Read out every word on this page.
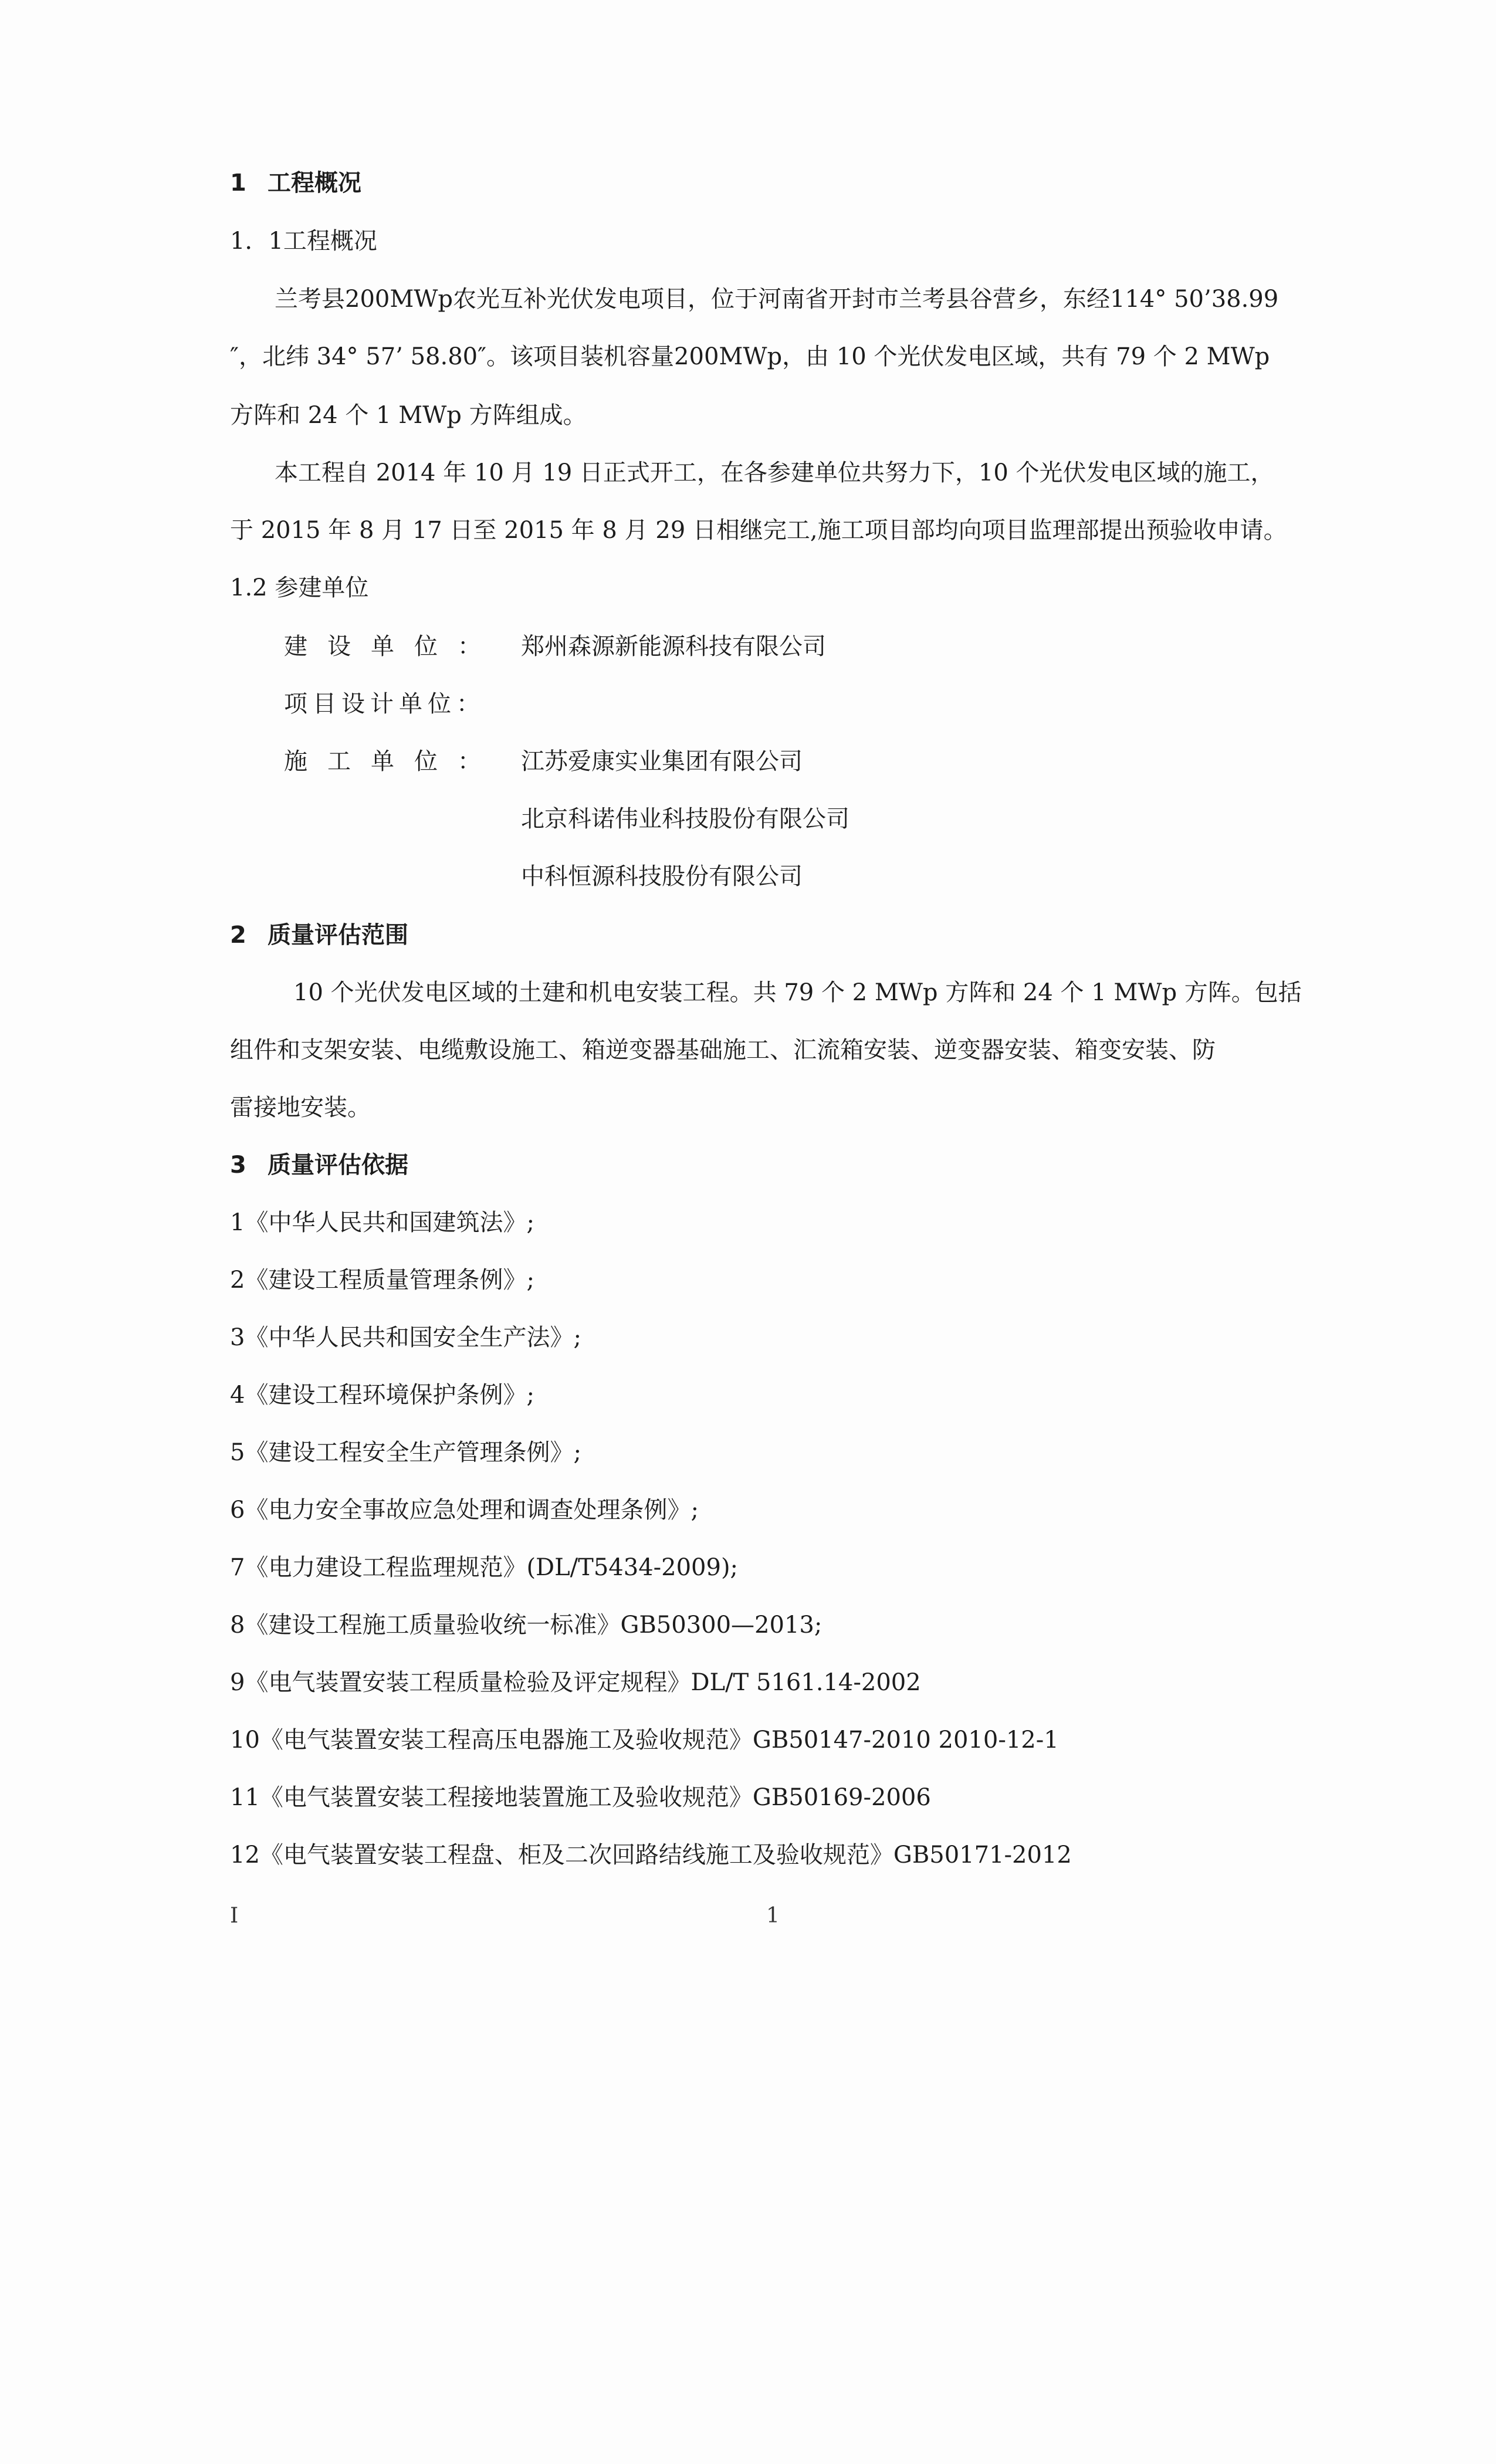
1 工程概况
1．1工程概况
兰考县200MWp农光互补光伏发电项目，位于河南省开封市兰考县谷营乡，东经114° 50’38.99
″，北纬 34° 57’ 58.80″。该项目装机容量200MWp，由 10 个光伏发电区域，共有 79 个 2 MWp
方阵和 24 个 1 MWp 方阵组成。
本工程自 2014 年 10 月 19 日正式开工，在各参建单位共努力下，10 个光伏发电区域的施工，
于 2015 年 8 月 17 日至 2015 年 8 月 29 日相继完工,施工项目部均向项目监理部提出预验收申请。
1.2 参建单位
建设单位： 郑州森源新能源科技有限公司
项目设计单位：
施工单位： 江苏爱康实业集团有限公司
北京科诺伟业科技股份有限公司
中科恒源科技股份有限公司
2 质量评估范围
10 个光伏发电区域的土建和机电安装工程。共 79 个 2 MWp 方阵和 24 个 1 MWp 方阵。包括
组件和支架安装、电缆敷设施工、箱逆变器基础施工、汇流箱安装、逆变器安装、箱变安装、防
雷接地安装。
3 质量评估依据
1《中华人民共和国建筑法》;
2《建设工程质量管理条例》;
3《中华人民共和国安全生产法》;
4《建设工程环境保护条例》;
5《建设工程安全生产管理条例》;
6《电力安全事故应急处理和调查处理条例》;
7《电力建设工程监理规范》(DL/T5434-2009);
8《建设工程施工质量验收统一标准》GB50300—2013;
9《电气装置安装工程质量检验及评定规程》DL/T 5161.14-2002
10《电气装置安装工程高压电器施工及验收规范》GB50147-2010 2010-12-1
11《电气装置安装工程接地装置施工及验收规范》GB50169-2006
12《电气装置安装工程盘、柜及二次回路结线施工及验收规范》GB50171-2012
I	1
